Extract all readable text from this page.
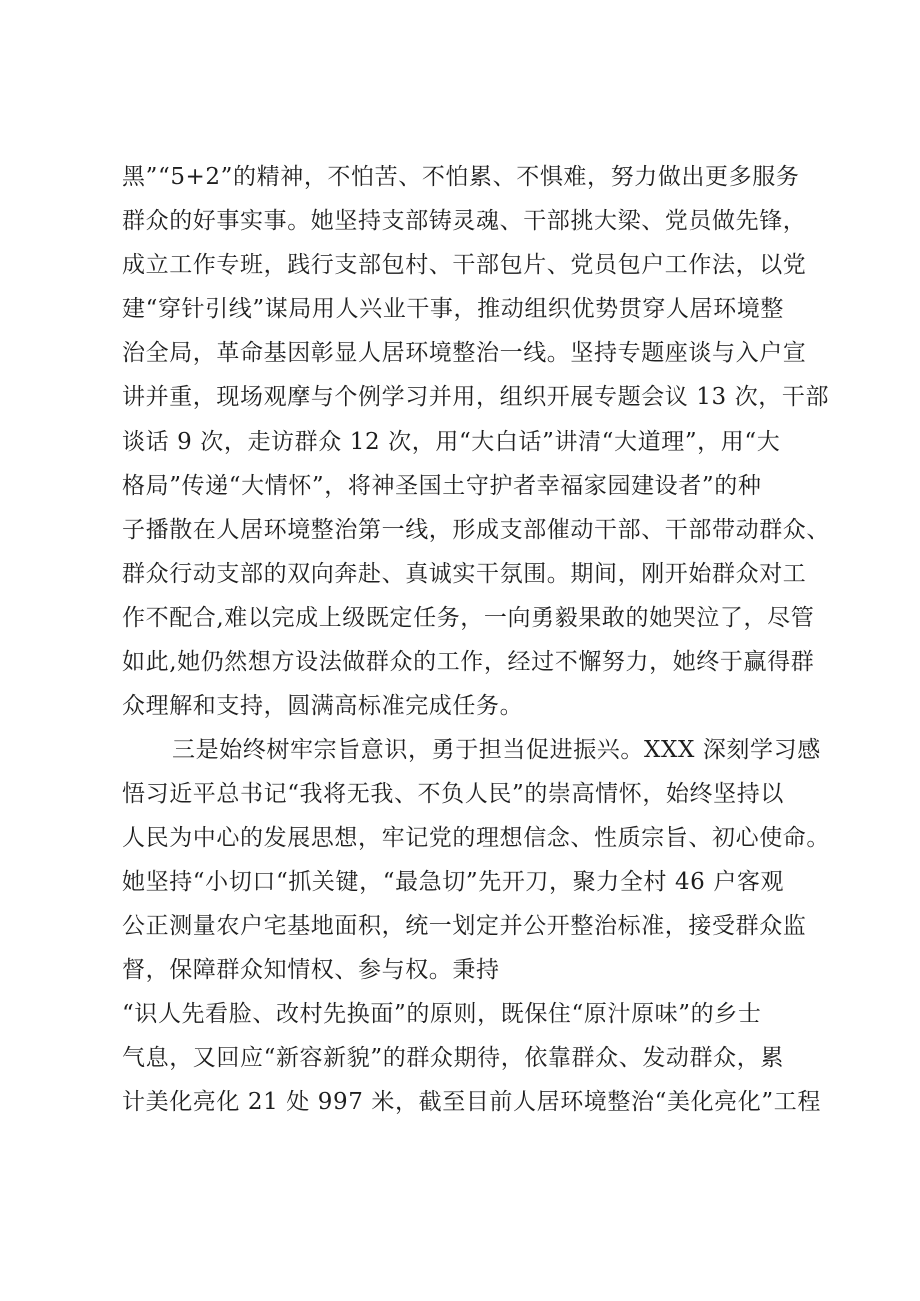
黑”“5+2”的精神，不怕苦、不怕累、不惧难，努力做出更多服务
群众的好事实事。她坚持支部铸灵魂、干部挑大梁、党员做先锋，
成立工作专班，践行支部包村、干部包片、党员包户工作法，以党
建“穿针引线”谋局用人兴业干事，推动组织优势贯穿人居环境整
治全局，革命基因彰显人居环境整治一线。坚持专题座谈与入户宣
讲并重，现场观摩与个例学习并用，组织开展专题会议 13 次，干部
谈话 9 次，走访群众 12 次，用“大白话”讲清“大道理”，用“大
格局”传递“大情怀”，将神圣国土守护者幸福家园建设者”的种
子播散在人居环境整治第一线，形成支部催动干部、干部带动群众、
群众行动支部的双向奔赴、真诚实干氛围。期间，刚开始群众对工
作不配合,难以完成上级既定任务，一向勇毅果敢的她哭泣了，尽管
如此,她仍然想方设法做群众的工作，经过不懈努力，她终于赢得群
众理解和支持，圆满高标准完成任务。
三是始终树牢宗旨意识，勇于担当促进振兴。XXX 深刻学习感
悟习近平总书记“我将无我、不负人民”的崇高情怀，始终坚持以
人民为中心的发展思想，牢记党的理想信念、性质宗旨、初心使命。
她坚持“小切口“抓关键，“最急切”先开刀，聚力全村 46 户客观
公正测量农户宅基地面积，统一划定并公开整治标准，接受群众监
督，保障群众知情权、参与权。秉持
“识人先看脸、改村先换面”的原则，既保住“原汁原味”的乡士
气息，又回应“新容新貌”的群众期待，依靠群众、发动群众，累
计美化亮化 21 处 997 米，截至目前人居环境整治“美化亮化”工程
